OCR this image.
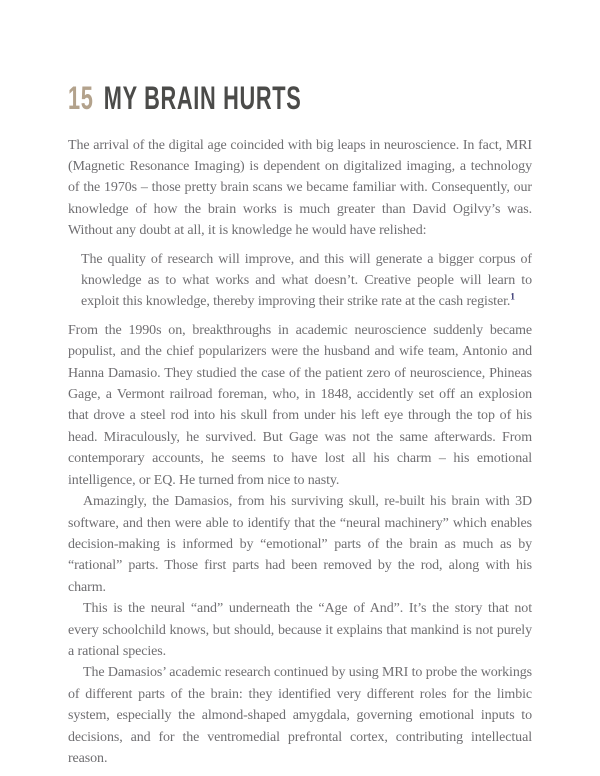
15 MY BRAIN HURTS

The arrival of the digital age coincided with big leaps in neuroscience. In fact, MRI (Magnetic Resonance Imaging) is dependent on digitalized imaging, a technology of the 1970s – those pretty brain scans we became familiar with. Consequently, our knowledge of how the brain works is much greater than David Ogilvy’s was. Without any doubt at all, it is knowledge he would have relished:

The quality of research will improve, and this will generate a bigger corpus of knowledge as to what works and what doesn’t. Creative people will learn to exploit this knowledge, thereby improving their strike rate at the cash register.$^1$

From the 1990s on, breakthroughs in academic neuroscience suddenly became populist, and the chief popularizers were the husband and wife team, Antonio and Hanna Damasio. They studied the case of the patient zero of neuroscience, Phineas Gage, a Vermont railroad foreman, who, in 1848, accidently set off an explosion that drove a steel rod into his skull from under his left eye through the top of his head. Miraculously, he survived. But Gage was not the same afterwards. From contemporary accounts, he seems to have lost all his charm – his emotional intelligence, or EQ. He turned from nice to nasty.

Amazingly, the Damasios, from his surviving skull, re-built his brain with 3D software, and then were able to identify that the “neural machinery” which enables decision-making is informed by “emotional” parts of the brain as much as by “rational” parts. Those first parts had been removed by the rod, along with his charm.

This is the neural “and” underneath the “Age of And”. It’s the story that not every schoolchild knows, but should, because it explains that mankind is not purely a rational species.

The Damasios’ academic research continued by using MRI to probe the workings of different parts of the brain: they identified very different roles for the limbic system, especially the almond-shaped amygdala, governing emotional inputs to decisions, and for the ventromedial prefrontal cortex, contributing intellectual reason.
